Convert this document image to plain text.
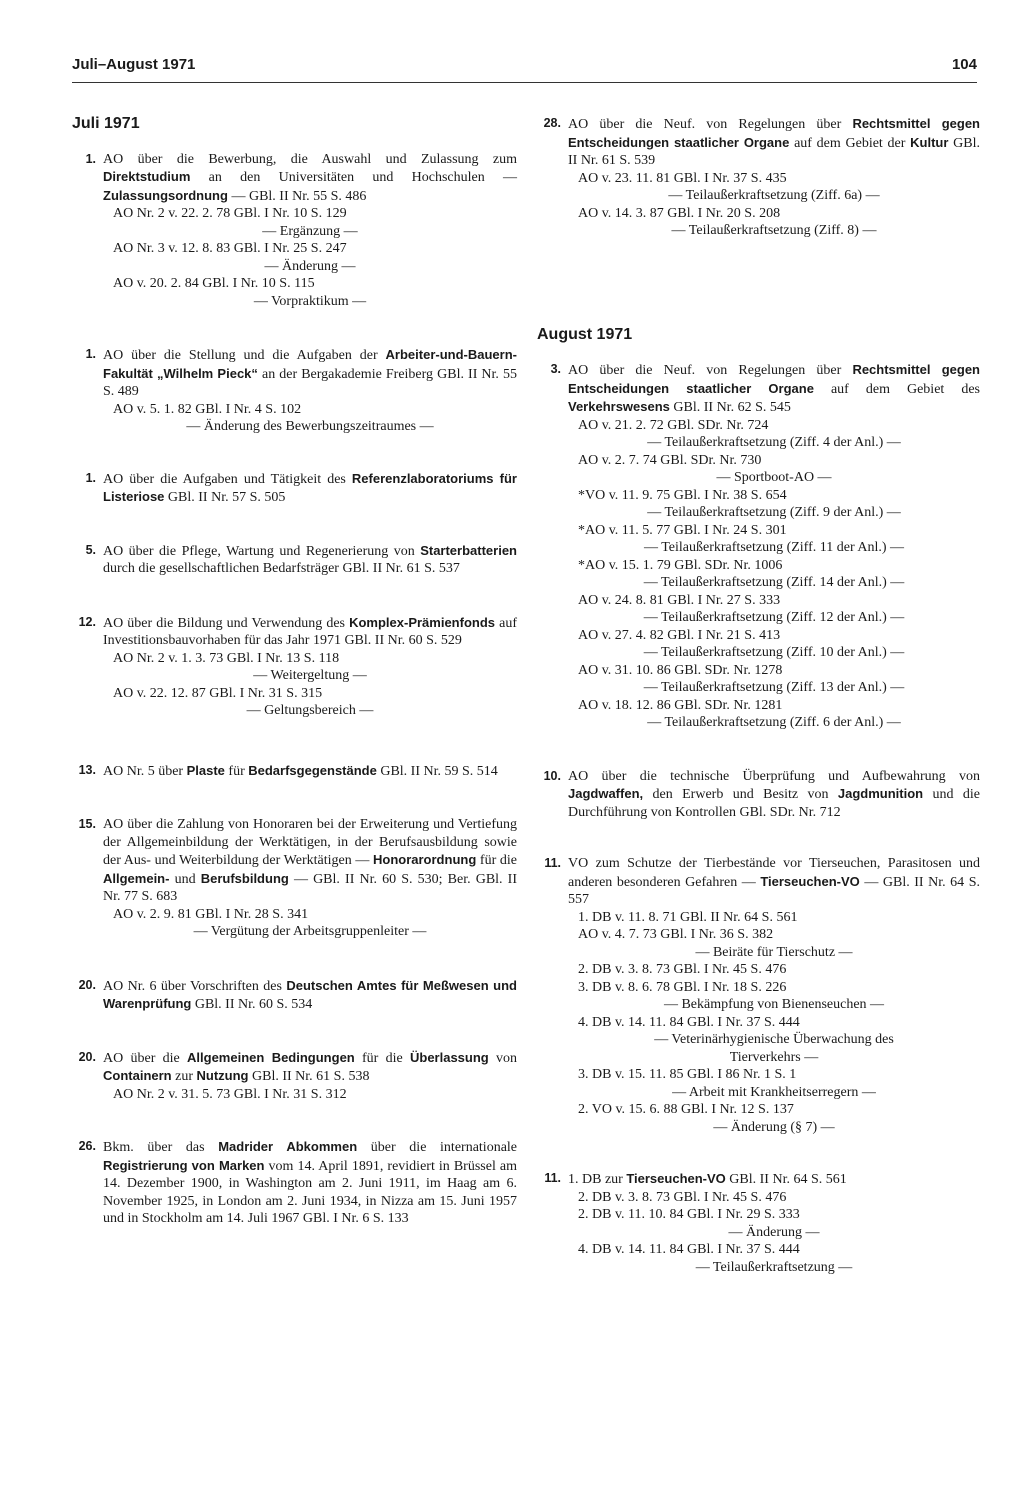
Juli–August 1971	104
Juli 1971
1. AO über die Bewerbung, die Auswahl und Zulassung zum Direktstudium an den Universitäten und Hochschulen — Zulassungsordnung — GBl. II Nr. 55 S. 486
AO Nr. 2 v. 22. 2. 78 GBl. I Nr. 10 S. 129
— Ergänzung —
AO Nr. 3 v. 12. 8. 83 GBl. I Nr. 25 S. 247
— Änderung —
AO v. 20. 2. 84 GBl. I Nr. 10 S. 115
— Vorpraktikum —
1. AO über die Stellung und die Aufgaben der Arbeiter-und-Bauern-Fakultät „Wilhelm Pieck“ an der Bergakademie Freiberg GBl. II Nr. 55 S. 489
AO v. 5. 1. 82 GBl. I Nr. 4 S. 102
— Änderung des Bewerbungszeitraumes —
1. AO über die Aufgaben und Tätigkeit des Referenzlaboratoriums für Listeriose GBl. II Nr. 57 S. 505
5. AO über die Pflege, Wartung und Regenerierung von Starterbatterien durch die gesellschaftlichen Bedarfsträger GBl. II Nr. 61 S. 537
12. AO über die Bildung und Verwendung des Komplex-Prämienfonds auf Investitionsbauvorhaben für das Jahr 1971 GBl. II Nr. 60 S. 529
AO Nr. 2 v. 1. 3. 73 GBl. I Nr. 13 S. 118
— Weitergeltung —
AO v. 22. 12. 87 GBl. I Nr. 31 S. 315
— Geltungsbereich —
13. AO Nr. 5 über Plaste für Bedarfsgegenstände GBl. II Nr. 59 S. 514
15. AO über die Zahlung von Honoraren bei der Erweiterung und Vertiefung der Allgemeinbildung der Werktätigen, in der Berufsausbildung sowie der Aus- und Weiterbildung der Werktätigen — Honorarordnung für die Allgemein- und Berufsbildung — GBl. II Nr. 60 S. 530; Ber. GBl. II Nr. 77 S. 683
AO v. 2. 9. 81 GBl. I Nr. 28 S. 341
— Vergütung der Arbeitsgruppenleiter —
20. AO Nr. 6 über Vorschriften des Deutschen Amtes für Meßwesen und Warenprüfung GBl. II Nr. 60 S. 534
20. AO über die Allgemeinen Bedingungen für die Überlassung von Containern zur Nutzung GBl. II Nr. 61 S. 538
AO Nr. 2 v. 31. 5. 73 GBl. I Nr. 31 S. 312
26. Bkm. über das Madrider Abkommen über die internationale Registrierung von Marken vom 14. April 1891, revidiert in Brüssel am 14. Dezember 1900, in Washington am 2. Juni 1911, im Haag am 6. November 1925, in London am 2. Juni 1934, in Nizza am 15. Juni 1957 und in Stockholm am 14. Juli 1967 GBl. I Nr. 6 S. 133
28. AO über die Neuf. von Regelungen über Rechtsmittel gegen Entscheidungen staatlicher Organe auf dem Gebiet der Kultur GBl. II Nr. 61 S. 539
AO v. 23. 11. 81 GBl. I Nr. 37 S. 435
— Teilaußerkraftsetzung (Ziff. 6a) —
AO v. 14. 3. 87 GBl. I Nr. 20 S. 208
— Teilaußerkraftsetzung (Ziff. 8) —
August 1971
3. AO über die Neuf. von Regelungen über Rechtsmittel gegen Entscheidungen staatlicher Organe auf dem Gebiet des Verkehrswesens GBl. II Nr. 62 S. 545
AO v. 21. 2. 72 GBl. SDr. Nr. 724
— Teilaußerkraftsetzung (Ziff. 4 der Anl.) —
AO v. 2. 7. 74 GBl. SDr. Nr. 730
— Sportboot-AO —
*VO v. 11. 9. 75 GBl. I Nr. 38 S. 654
— Teilaußerkraftsetzung (Ziff. 9 der Anl.) —
*AO v. 11. 5. 77 GBl. I Nr. 24 S. 301
— Teilaußerkraftsetzung (Ziff. 11 der Anl.) —
*AO v. 15. 1. 79 GBl. SDr. Nr. 1006
— Teilaußerkraftsetzung (Ziff. 14 der Anl.) —
AO v. 24. 8. 81 GBl. I Nr. 27 S. 333
— Teilaußerkraftsetzung (Ziff. 12 der Anl.) —
AO v. 27. 4. 82 GBl. I Nr. 21 S. 413
— Teilaußerkraftsetzung (Ziff. 10 der Anl.) —
AO v. 31. 10. 86 GBl. SDr. Nr. 1278
— Teilaußerkraftsetzung (Ziff. 13 der Anl.) —
AO v. 18. 12. 86 GBl. SDr. Nr. 1281
— Teilaußerkraftsetzung (Ziff. 6 der Anl.) —
10. AO über die technische Überprüfung und Aufbewahrung von Jagdwaffen, den Erwerb und Besitz von Jagdmunition und die Durchführung von Kontrollen GBl. SDr. Nr. 712
11. VO zum Schutze der Tierbestände vor Tierseuchen, Parasitosen und anderen besonderen Gefahren — Tierseuchen-VO — GBl. II Nr. 64 S. 557
1. DB v. 11. 8. 71 GBl. II Nr. 64 S. 561
AO v. 4. 7. 73 GBl. I Nr. 36 S. 382
— Beiräte für Tierschutz —
2. DB v. 3. 8. 73 GBl. I Nr. 45 S. 476
3. DB v. 8. 6. 78 GBl. I Nr. 18 S. 226
— Bekämpfung von Bienenseuchen —
4. DB v. 14. 11. 84 GBl. I Nr. 37 S. 444
— Veterinärhygienische Überwachung des
Tierverkehrs —
3. DB v. 15. 11. 85 GBl. I 86 Nr. 1 S. 1
— Arbeit mit Krankheitserregern —
2. VO v. 15. 6. 88 GBl. I Nr. 12 S. 137
— Änderung (§ 7) —
11. 1. DB zur Tierseuchen-VO GBl. II Nr. 64 S. 561
2. DB v. 3. 8. 73 GBl. I Nr. 45 S. 476
2. DB v. 11. 10. 84 GBl. I Nr. 29 S. 333
— Änderung —
4. DB v. 14. 11. 84 GBl. I Nr. 37 S. 444
— Teilaußerkraftsetzung —
